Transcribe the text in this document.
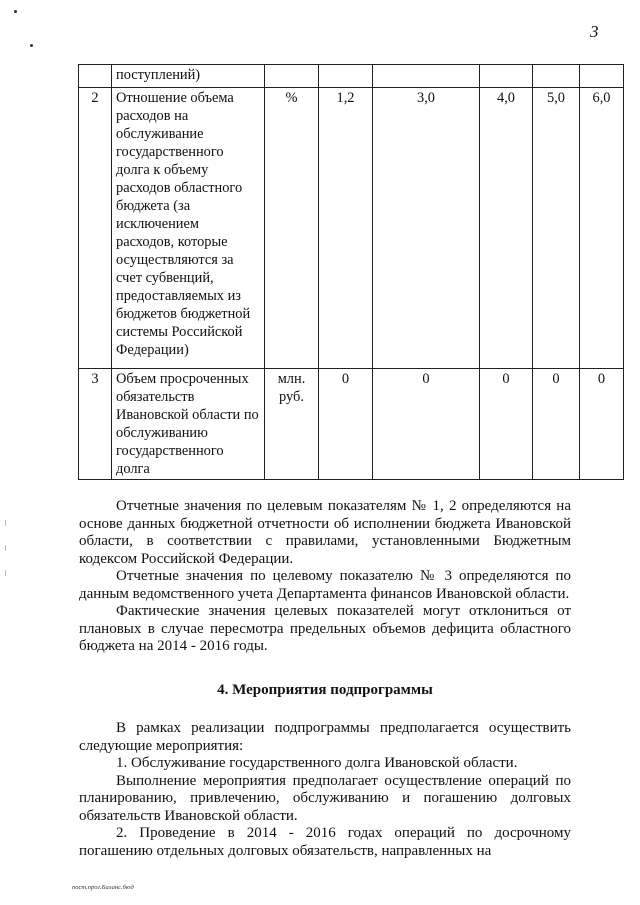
3
	поступлений)						
2	Отношение объема расходов на обслуживание государственного долга к объему расходов областного бюджета (за исключением расходов, которые осуществляются за счет субвенций, предоставляемых из бюджетов бюджетной системы Российской Федерации)	%	1,2	3,0	4,0	5,0	6,0
3	Объем просроченных обязательств Ивановской области по обслуживанию государственного долга	млн. руб.	0	0	0	0	0

Отчетные значения по целевым показателям № 1, 2 определяются на основе данных бюджетной отчетности об исполнении бюджета Ивановской области, в соответствии с правилами, установленными Бюджетным кодексом Российской Федерации.

Отчетные значения по целевому показателю № 3 определяются по данным ведомственного учета Департамента финансов Ивановской области.

Фактические значения целевых показателей могут отклониться от плановых в случае пересмотра предельных объемов дефицита областного бюджета на 2014 - 2016 годы.

4. Мероприятия подпрограммы

В рамках реализации подпрограммы предполагается осуществить следующие мероприятия:

1. Обслуживание государственного долга Ивановской области.

Выполнение мероприятия предполагает осуществление операций по планированию, привлечению, обслуживанию и погашению долговых обязательств Ивановской области.

2. Проведение в 2014 - 2016 годах операций по досрочному погашению отдельных долговых обязательств, направленных на

пост.прог.Баланс.бюд
